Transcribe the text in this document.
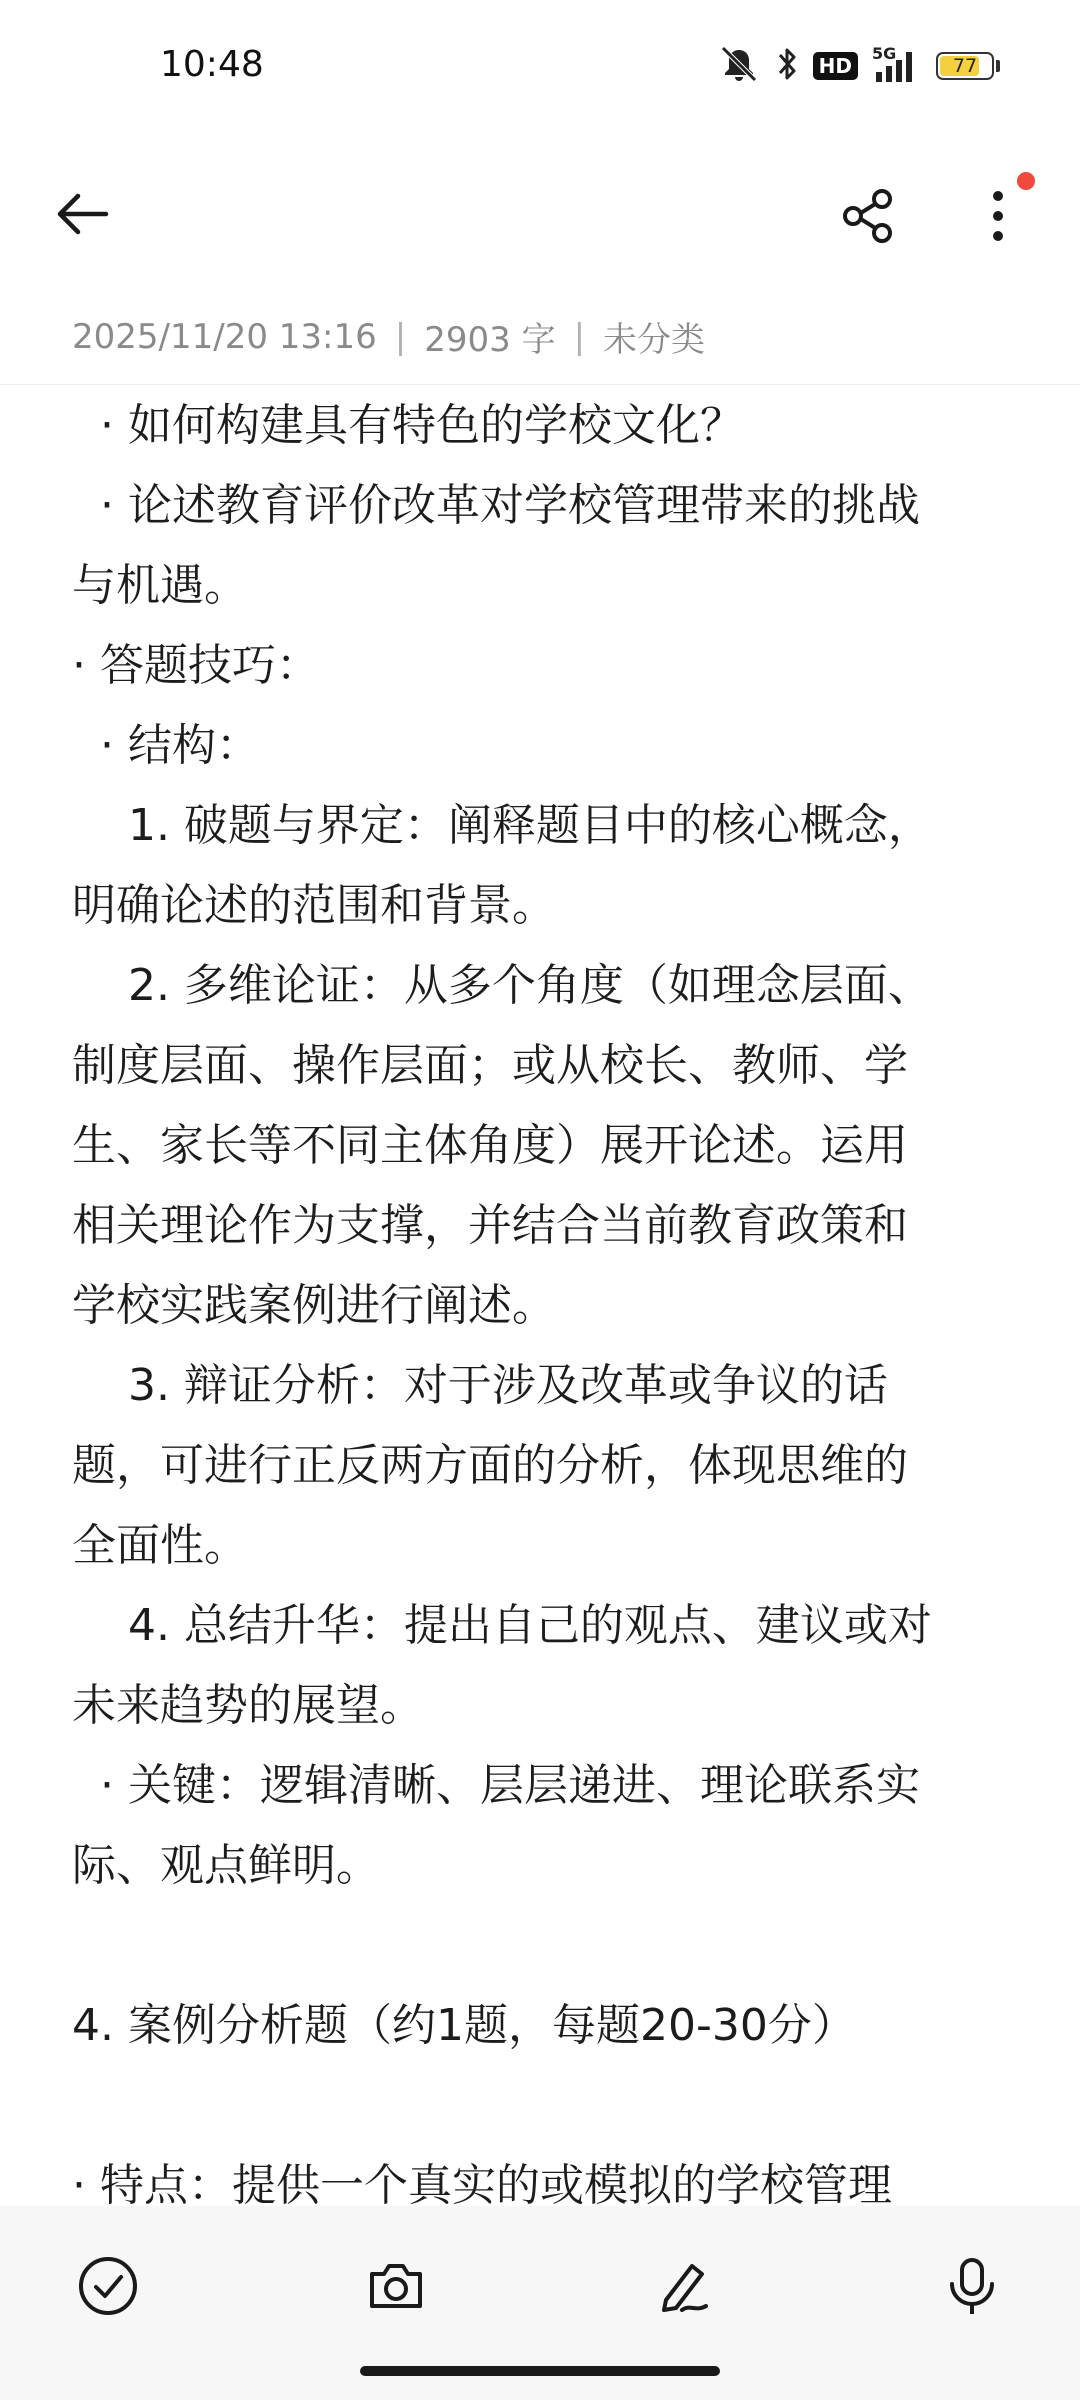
10:48	HD
5G
77
2025/11/20 13:16 | 2903 字 | 未分类
· 如何构建具有特色的学校文化？
· 论述教育评价改革对学校管理带来的挑战
与机遇。
· 答题技巧：
· 结构：
1. 破题与界定：阐释题目中的核心概念，
明确论述的范围和背景。
2. 多维论证：从多个角度（如理念层面、
制度层面、操作层面；或从校长、教师、学
生、家长等不同主体角度）展开论述。运用
相关理论作为支撑，并结合当前教育政策和
学校实践案例进行阐述。
3. 辩证分析：对于涉及改革或争议的话
题，可进行正反两方面的分析，体现思维的
全面性。
4. 总结升华：提出自己的观点、建议或对
未来趋势的展望。
· 关键：逻辑清晰、层层递进、理论联系实
际、观点鲜明。
4. 案例分析题（约1题，每题20-30分）
· 特点：提供一个真实的或模拟的学校管理
